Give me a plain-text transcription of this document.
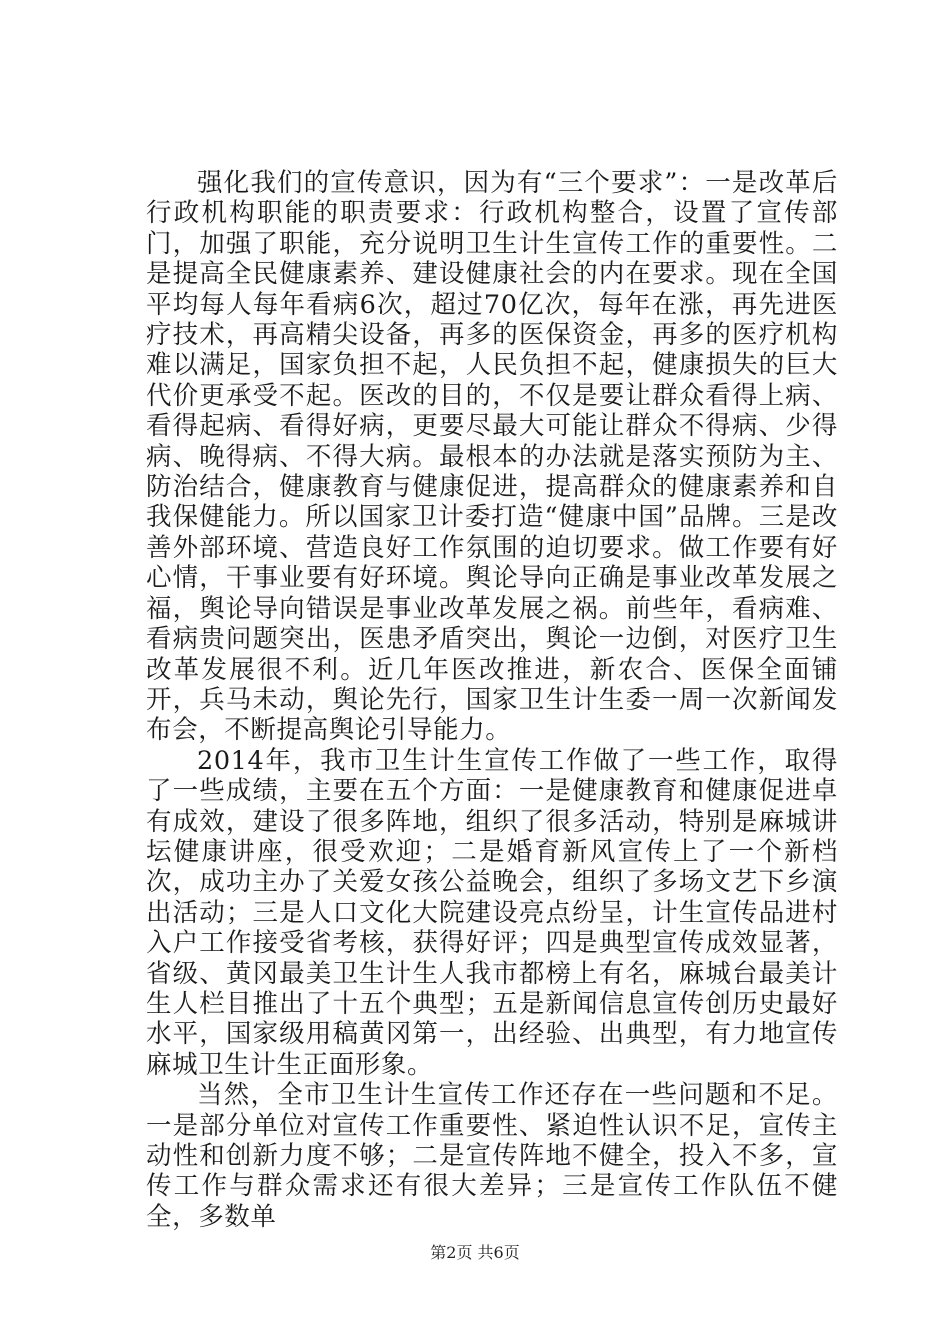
强化我们的宣传意识，因为有“三个要求”：一是改革后行政机构职能的职责要求：行政机构整合，设置了宣传部门，加强了职能，充分说明卫生计生宣传工作的重要性。二是提高全民健康素养、建设健康社会的内在要求。现在全国平均每人每年看病6次，超过70亿次，每年在涨，再先进医疗技术，再高精尖设备，再多的医保资金，再多的医疗机构难以满足，国家负担不起，人民负担不起，健康损失的巨大代价更承受不起。医改的目的，不仅是要让群众看得上病、看得起病、看得好病，更要尽最大可能让群众不得病、少得病、晚得病、不得大病。最根本的办法就是落实预防为主、防治结合，健康教育与健康促进，提高群众的健康素养和自我保健能力。所以国家卫计委打造“健康中国”品牌。三是改善外部环境、营造良好工作氛围的迫切要求。做工作要有好心情，干事业要有好环境。舆论导向正确是事业改革发展之福，舆论导向错误是事业改革发展之祸。前些年，看病难、看病贵问题突出，医患矛盾突出，舆论一边倒，对医疗卫生改革发展很不利。近几年医改推进，新农合、医保全面铺开，兵马未动，舆论先行，国家卫生计生委一周一次新闻发布会，不断提高舆论引导能力。

2014年，我市卫生计生宣传工作做了一些工作，取得了一些成绩，主要在五个方面：一是健康教育和健康促进卓有成效，建设了很多阵地，组织了很多活动，特别是麻城讲坛健康讲座，很受欢迎；二是婚育新风宣传上了一个新档次，成功主办了关爱女孩公益晚会，组织了多场文艺下乡演出活动；三是人口文化大院建设亮点纷呈，计生宣传品进村入户工作接受省考核，获得好评；四是典型宣传成效显著，省级、黄冈最美卫生计生人我市都榜上有名，麻城台最美计生人栏目推出了十五个典型；五是新闻信息宣传创历史最好水平，国家级用稿黄冈第一，出经验、出典型，有力地宣传麻城卫生计生正面形象。

当然，全市卫生计生宣传工作还存在一些问题和不足。一是部分单位对宣传工作重要性、紧迫性认识不足，宣传主动性和创新力度不够；二是宣传阵地不健全，投入不多，宣传工作与群众需求还有很大差异；三是宣传工作队伍不健全，多数单

第2页 共6页
